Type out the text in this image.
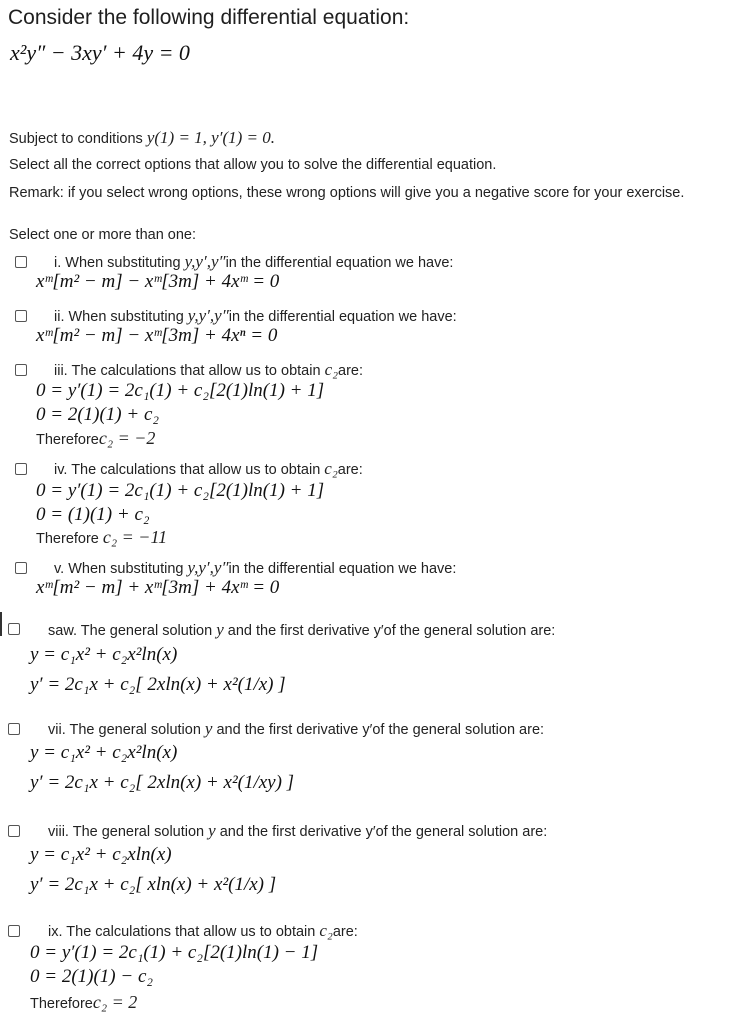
Consider the following differential equation:
x²y″ − 3xy′ + 4y = 0
Subject to conditions y(1) = 1, y′(1) = 0.
Select all the correct options that allow you to solve the differential equation.
Remark: if you select wrong options, these wrong options will give you a negative score for your exercise.
Select one or more than one:
i. When substituting y,y′,y″in the differential equation we have:
xᵐ[m² − m] − xᵐ[3m] + 4xᵐ = 0
ii. When substituting y,y′,y″in the differential equation we have:
xᵐ[m² − m] − xᵐ[3m] + 4xⁿ = 0
iii. The calculations that allow us to obtain c₂are:
0 = y′(1) = 2c₁(1) + c₂[2(1)ln(1) + 1]
0 = 2(1)(1) + c₂
Thereforec₂ = −2
iv. The calculations that allow us to obtain c₂are:
0 = y′(1) = 2c₁(1) + c₂[2(1)ln(1) + 1]
0 = (1)(1) + c₂
Therefore c₂ = −11
v. When substituting y,y′,y″in the differential equation we have:
xᵐ[m² − m] + xᵐ[3m] + 4xᵐ = 0
saw. The general solution y and the first derivative y′of the general solution are:
y = c₁x² + c₂x²ln(x)
y′ = 2c₁x + c₂[ 2xln(x) + x²(1/x) ]
vii. The general solution y and the first derivative y′of the general solution are:
y = c₁x² + c₂x²ln(x)
y′ = 2c₁x + c₂[ 2xln(x) + x²(1/xy) ]
viii. The general solution y and the first derivative y′of the general solution are:
y = c₁x² + c₂xln(x)
y′ = 2c₁x + c₂[ xln(x) + x²(1/x) ]
ix. The calculations that allow us to obtain c₂are:
0 = y′(1) = 2c₁(1) + c₂[2(1)ln(1) − 1]
0 = 2(1)(1) − c₂
Thereforec₂ = 2
